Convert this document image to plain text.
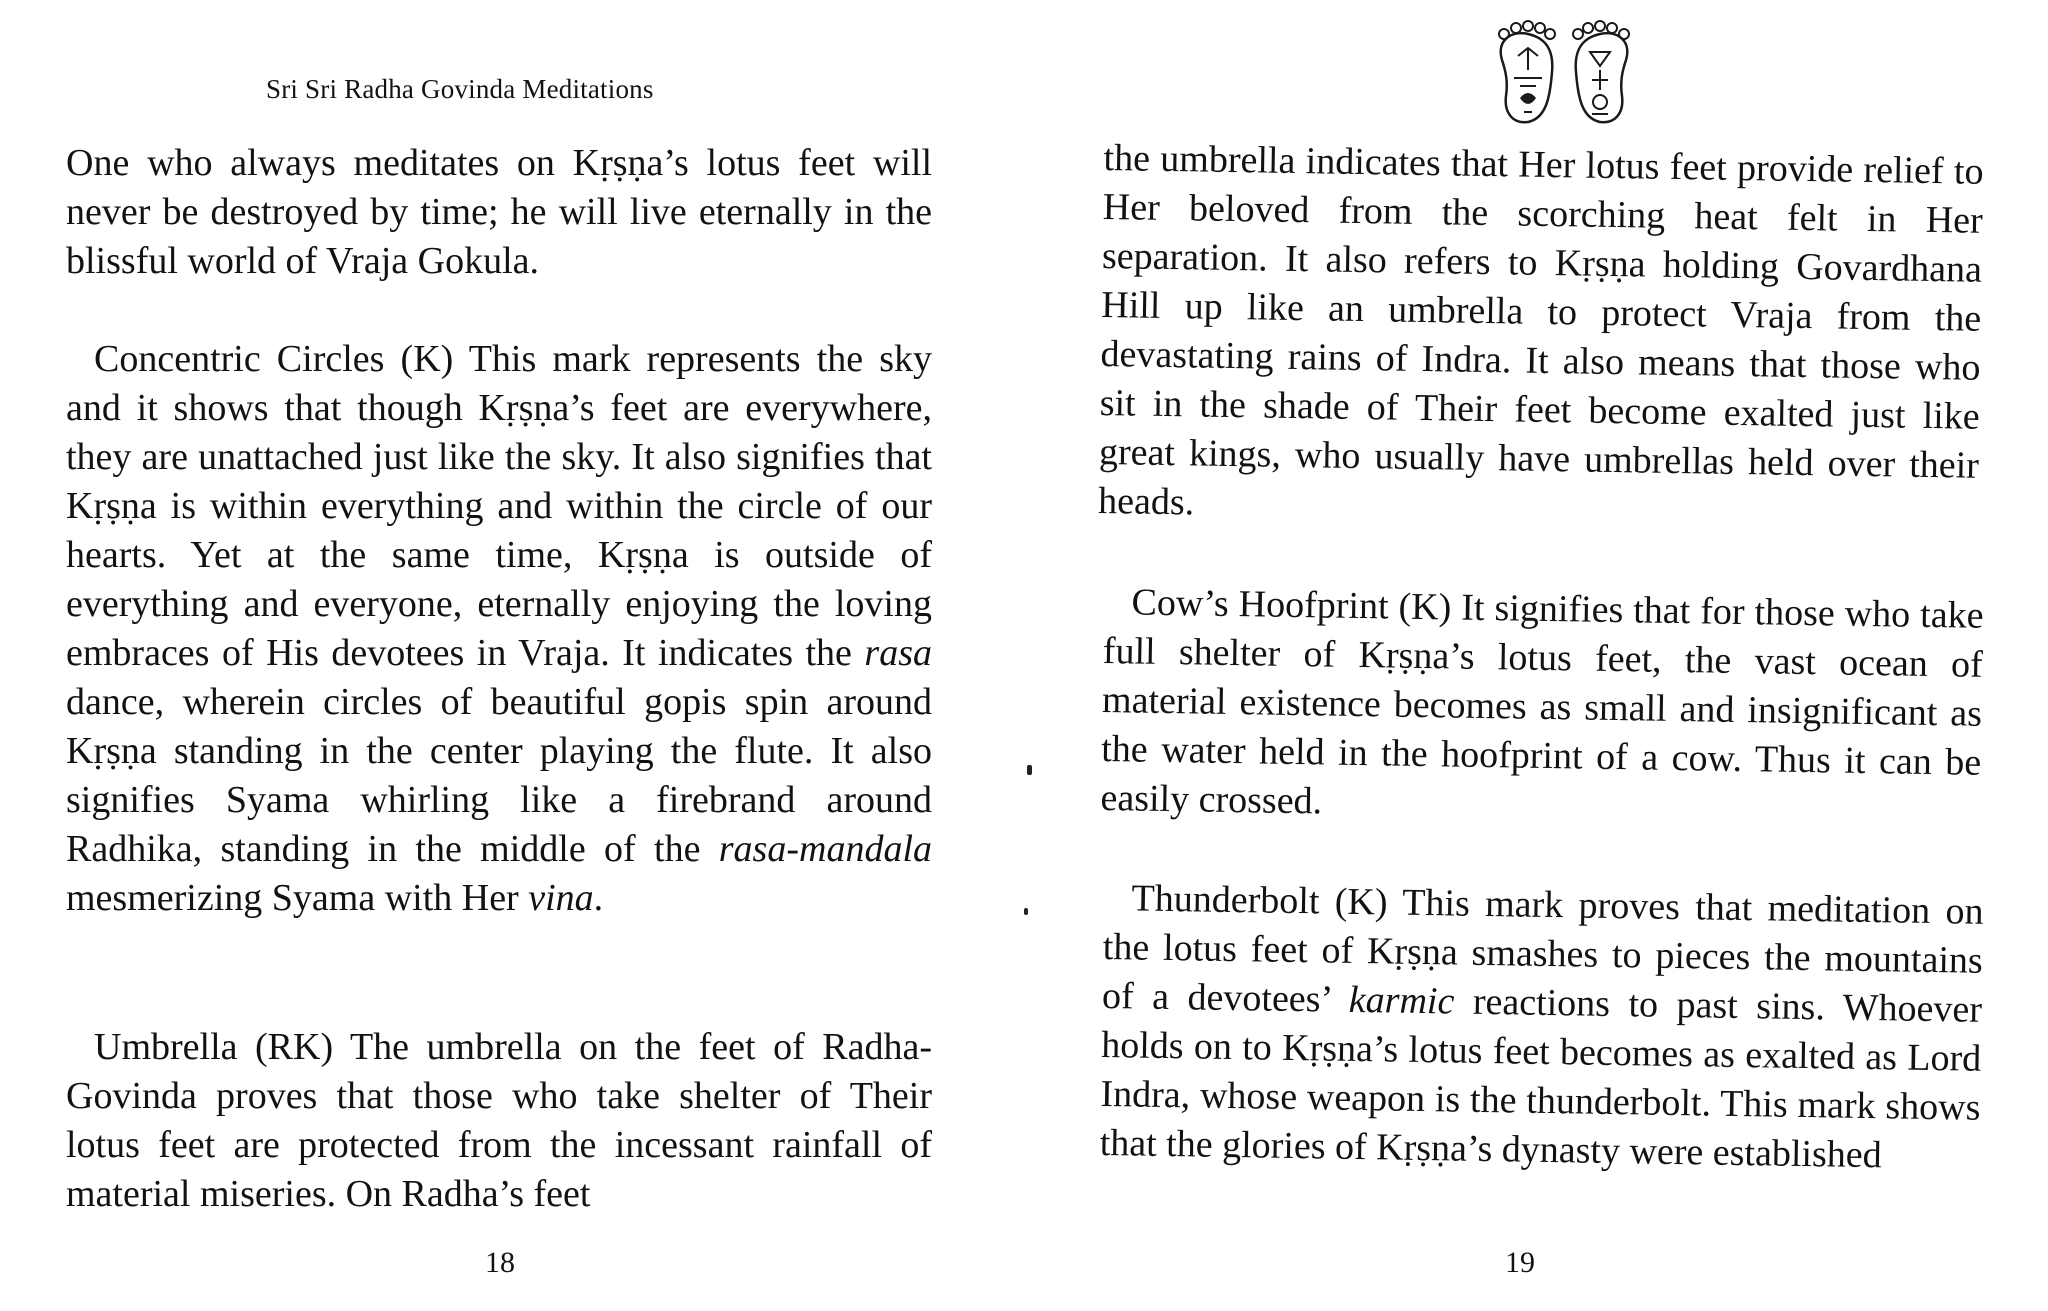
Sri Sri Radha Govinda Meditations

One who always meditates on Kṛṣṇa’s lotus feet will never be destroyed by time; he will live eternally in the blissful world of Vraja Gokula.

Concentric Circles (K) This mark represents the sky and it shows that though Kṛṣṇa’s feet are everywhere, they are unattached just like the sky. It also signifies that Kṛṣṇa is within everything and within the circle of our hearts. Yet at the same time, Kṛṣṇa is outside of everything and everyone, eternally enjoying the loving embraces of His devotees in Vraja. It indicates the rasa dance, wherein circles of beautiful gopis spin around Kṛṣṇa standing in the center playing the flute. It also signifies Syama whirling like a firebrand around Radhika, standing in the middle of the rasa-mandala mesmerizing Syama with Her vina.

Umbrella (RK) The umbrella on the feet of Radha-Govinda proves that those who take shelter of Their lotus feet are protected from the incessant rainfall of material miseries. On Radha’s feet

18

the umbrella indicates that Her lotus feet provide relief to Her beloved from the scorching heat felt in Her separation. It also refers to Kṛṣṇa holding Govardhana Hill up like an umbrella to protect Vraja from the devastating rains of Indra. It also means that those who sit in the shade of Their feet become exalted just like great kings, who usually have umbrellas held over their heads.

Cow’s Hoofprint (K) It signifies that for those who take full shelter of Kṛṣṇa’s lotus feet, the vast ocean of material existence becomes as small and insignificant as the water held in the hoofprint of a cow. Thus it can be easily crossed.

Thunderbolt (K) This mark proves that meditation on the lotus feet of Kṛṣṇa smashes to pieces the mountains of a devotees’ karmic reactions to past sins. Whoever holds on to Kṛṣṇa’s lotus feet becomes as exalted as Lord Indra, whose weapon is the thunderbolt. This mark shows that the glories of Kṛṣṇa’s dynasty were established

19
